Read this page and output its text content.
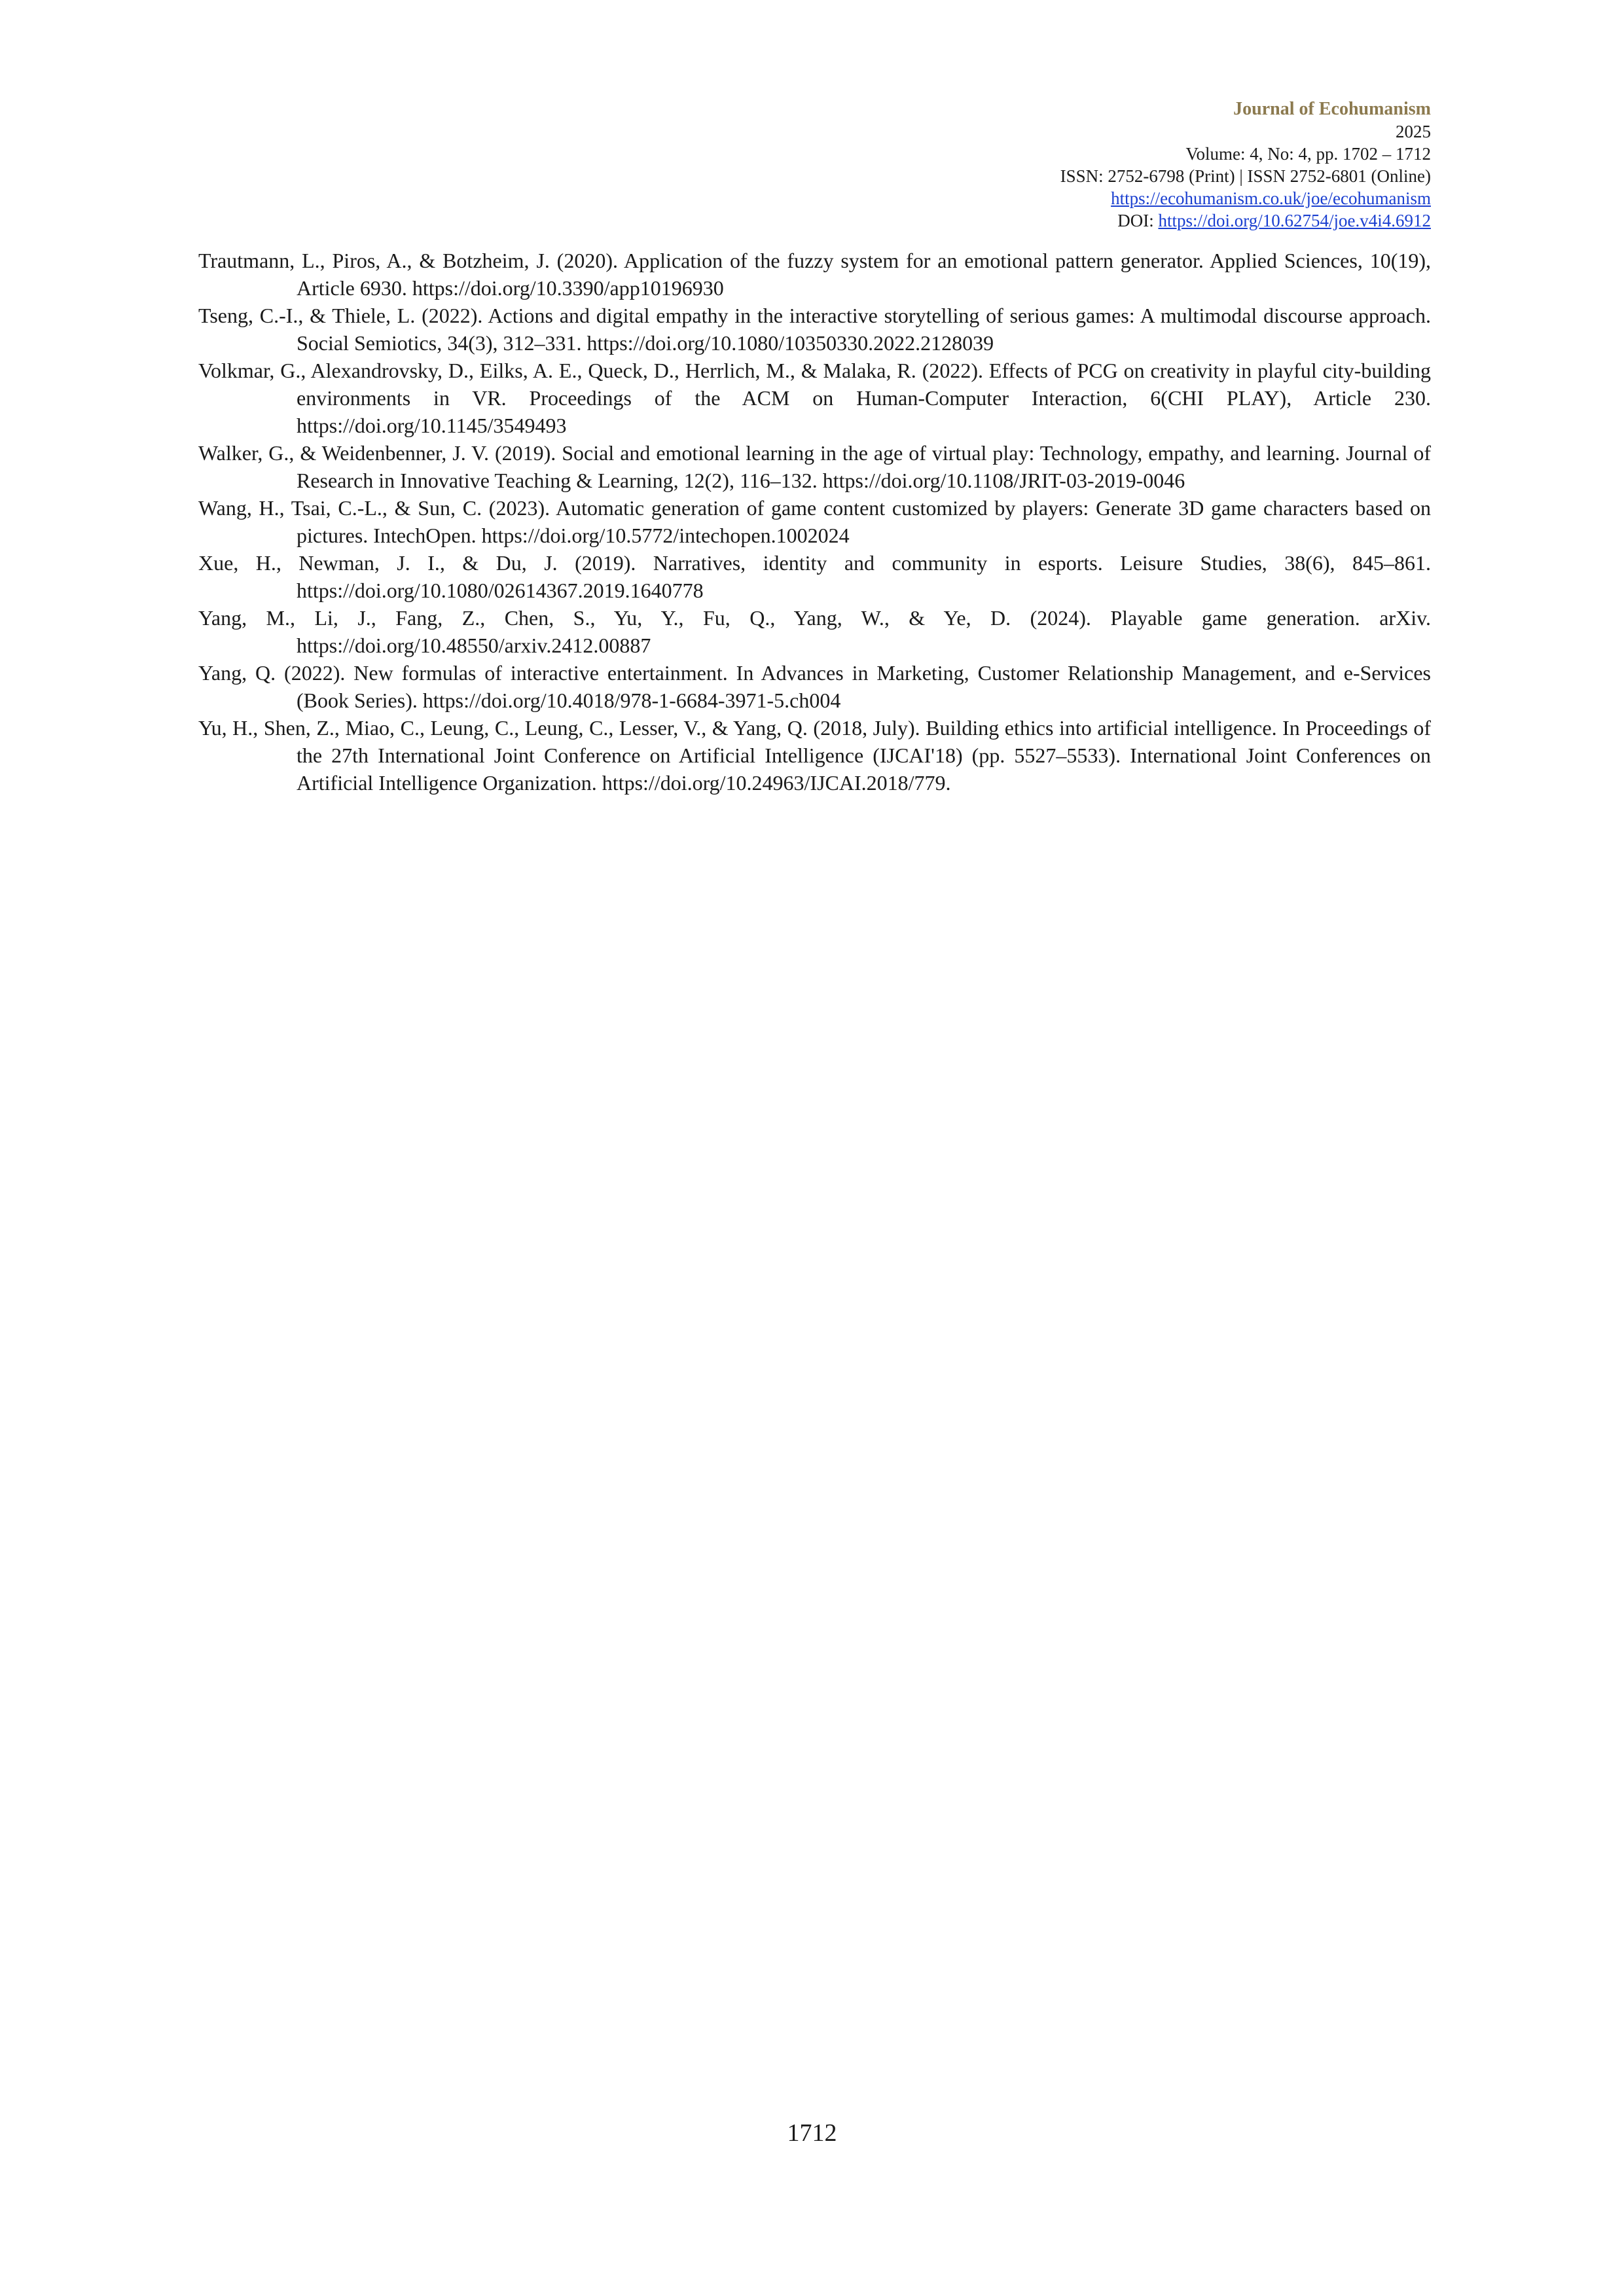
Journal of Ecohumanism
2025
Volume: 4, No: 4, pp. 1702 – 1712
ISSN: 2752-6798 (Print) | ISSN 2752-6801 (Online)
https://ecohumanism.co.uk/joe/ecohumanism
DOI: https://doi.org/10.62754/joe.v4i4.6912

Trautmann, L., Piros, A., & Botzheim, J. (2020). Application of the fuzzy system for an emotional pattern generator. Applied Sciences, 10(19), Article 6930. https://doi.org/10.3390/app10196930

Tseng, C.-I., & Thiele, L. (2022). Actions and digital empathy in the interactive storytelling of serious games: A multimodal discourse approach. Social Semiotics, 34(3), 312–331. https://doi.org/10.1080/10350330.2022.2128039

Volkmar, G., Alexandrovsky, D., Eilks, A. E., Queck, D., Herrlich, M., & Malaka, R. (2022). Effects of PCG on creativity in playful city-building environments in VR. Proceedings of the ACM on Human-Computer Interaction, 6(CHI PLAY), Article 230. https://doi.org/10.1145/3549493

Walker, G., & Weidenbenner, J. V. (2019). Social and emotional learning in the age of virtual play: Technology, empathy, and learning. Journal of Research in Innovative Teaching & Learning, 12(2), 116–132. https://doi.org/10.1108/JRIT-03-2019-0046

Wang, H., Tsai, C.-L., & Sun, C. (2023). Automatic generation of game content customized by players: Generate 3D game characters based on pictures. IntechOpen. https://doi.org/10.5772/intechopen.1002024

Xue, H., Newman, J. I., & Du, J. (2019). Narratives, identity and community in esports. Leisure Studies, 38(6), 845–861. https://doi.org/10.1080/02614367.2019.1640778

Yang, M., Li, J., Fang, Z., Chen, S., Yu, Y., Fu, Q., Yang, W., & Ye, D. (2024). Playable game generation. arXiv. https://doi.org/10.48550/arxiv.2412.00887

Yang, Q. (2022). New formulas of interactive entertainment. In Advances in Marketing, Customer Relationship Management, and e-Services (Book Series). https://doi.org/10.4018/978-1-6684-3971-5.ch004

Yu, H., Shen, Z., Miao, C., Leung, C., Leung, C., Lesser, V., & Yang, Q. (2018, July). Building ethics into artificial intelligence. In Proceedings of the 27th International Joint Conference on Artificial Intelligence (IJCAI'18) (pp. 5527–5533). International Joint Conferences on Artificial Intelligence Organization. https://doi.org/10.24963/IJCAI.2018/779.

1712
